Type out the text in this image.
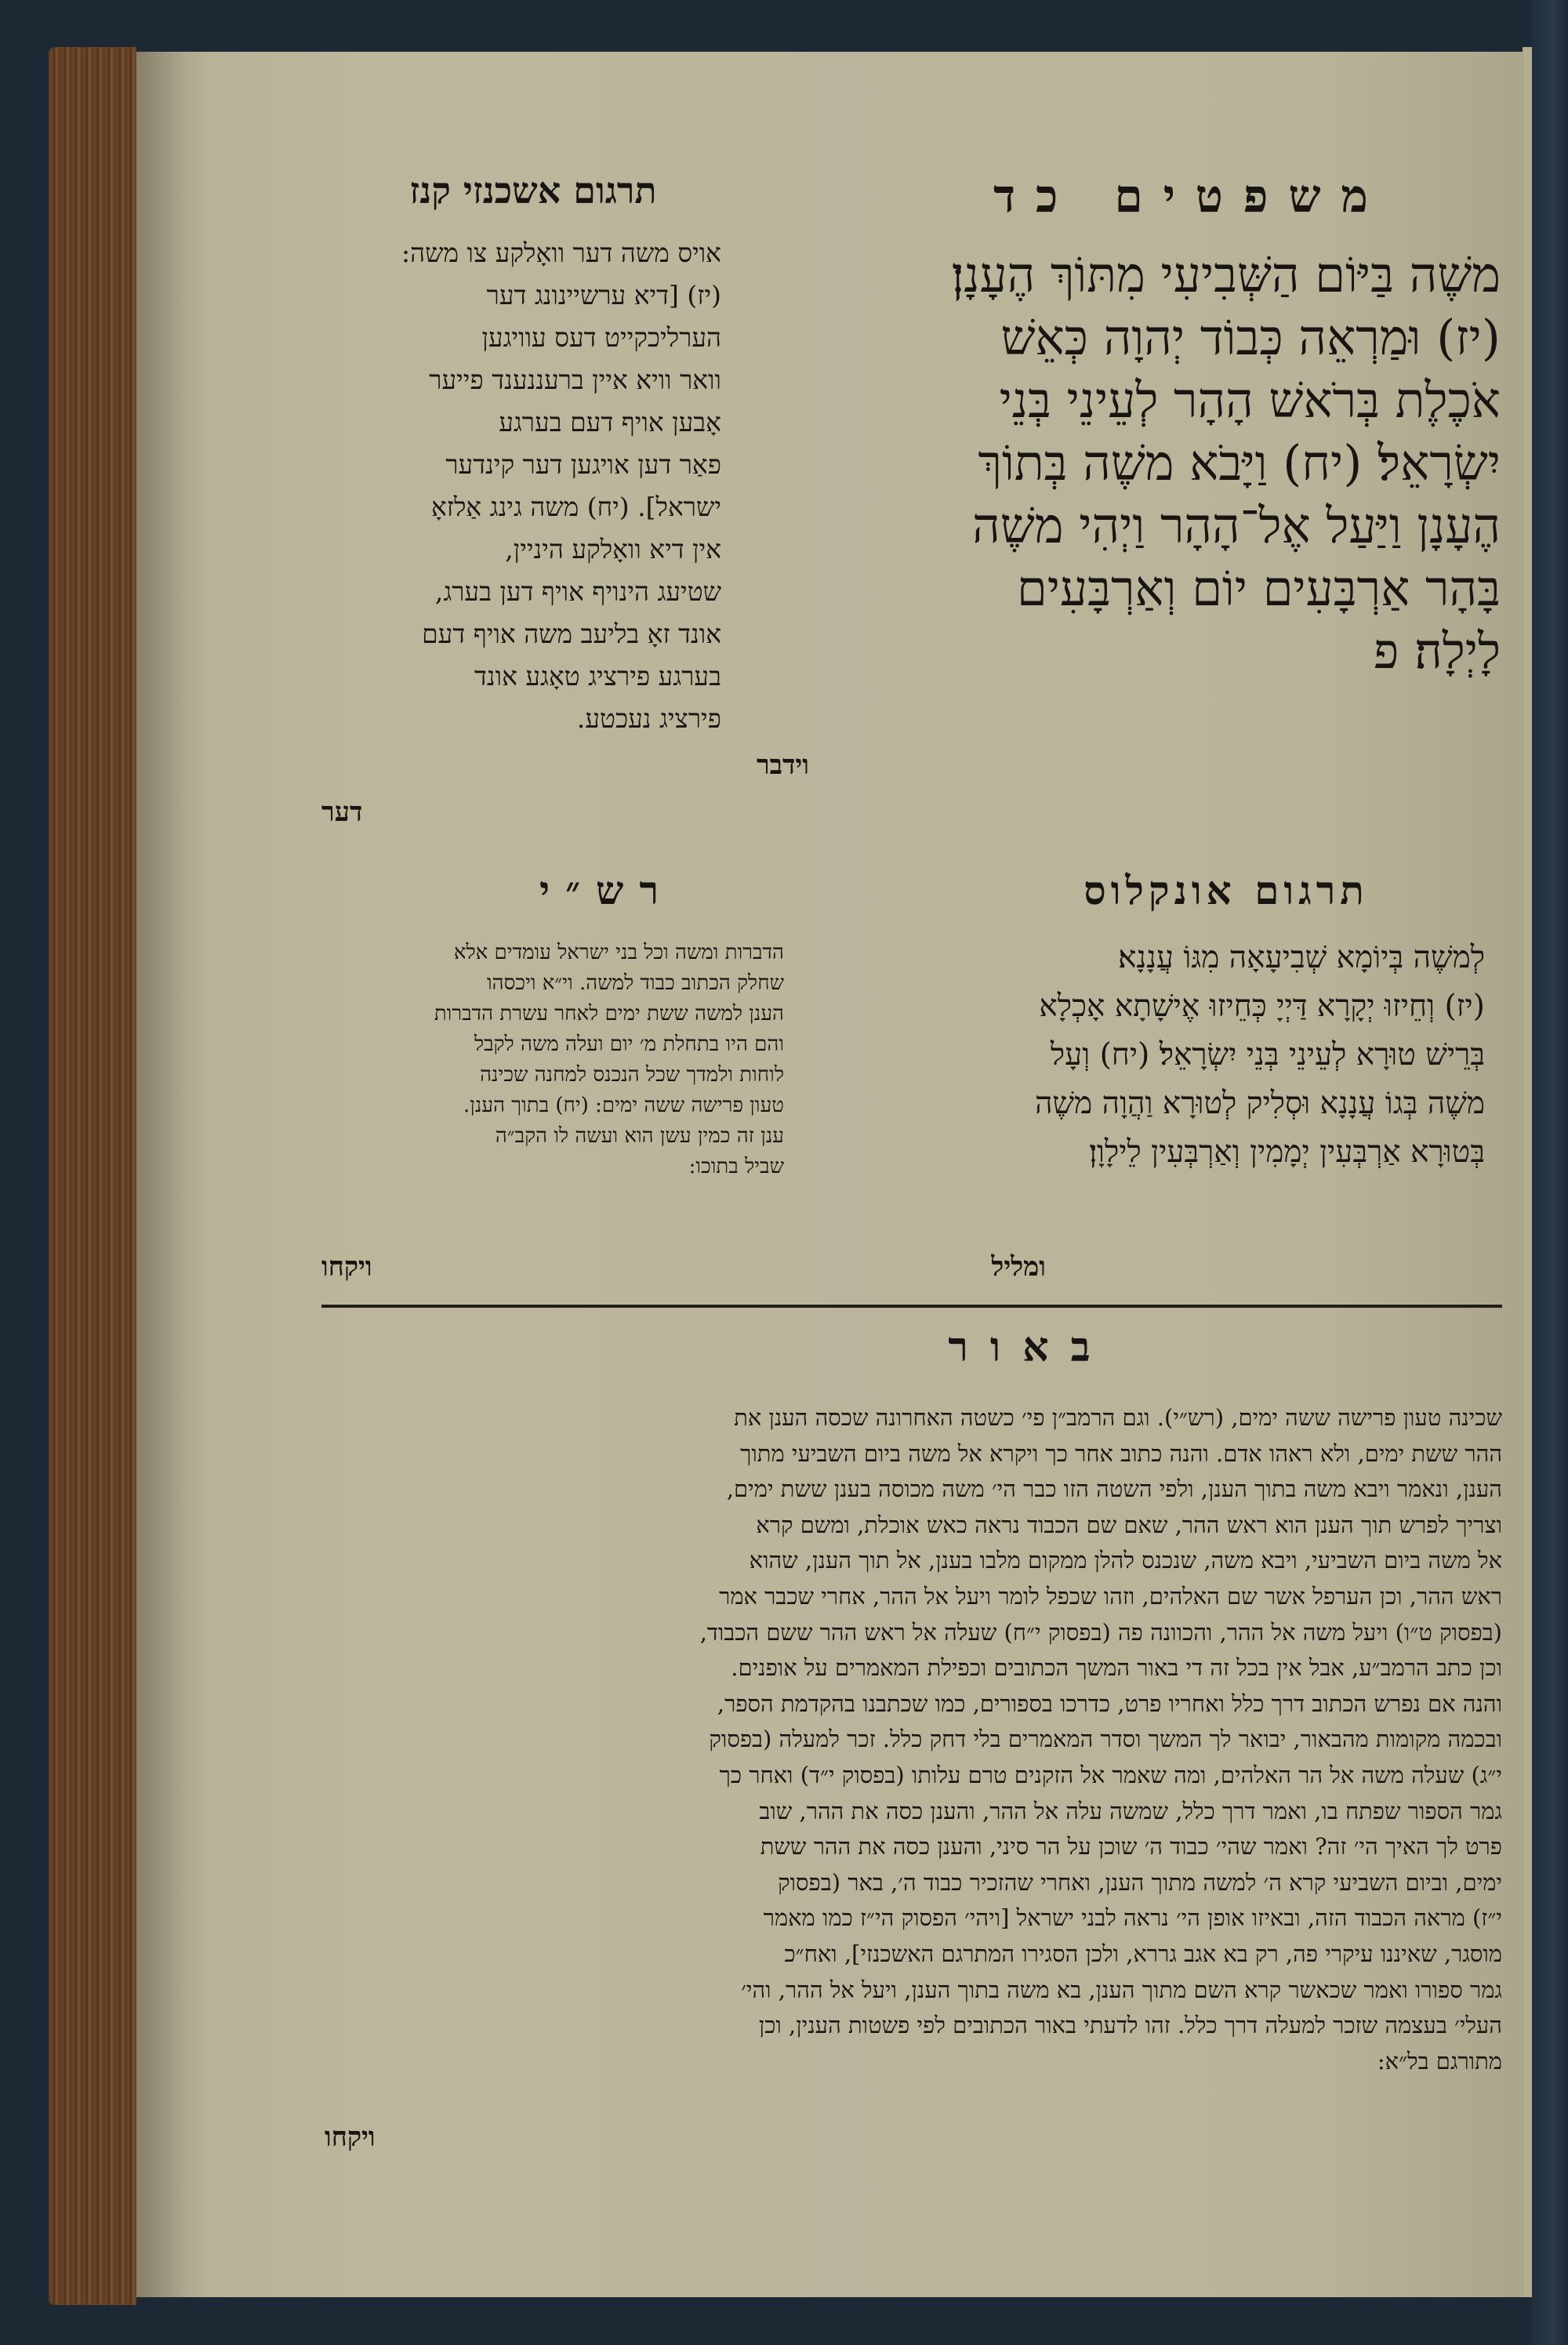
משפטים כד
משֶׁה בַּיּוֹם הַשְּׁבִיעִי מִתּוֹךְ הֶעָנָן׃
(יז) וּמַרְאֵה כְּבוֹד יְהוָה כְּאֵשׁ
אֹכֶלֶת בְּרֹאשׁ הָהָר לְעֵינֵי בְּנֵי
יִשְׂרָאֵל׃ (יח) וַיָּבֹא משֶׁה בְּתוֹךְ
הֶעָנָן וַיַּעַל אֶל־הָהָר וַיְהִי משֶׁה
בָּהָר אַרְבָּעִים יוֹם וְאַרְבָּעִים
לָיְלָה׃ פ
וידבר
תרגום אשכנזי קנז
אויס משה דער וואָלקע צו משה:
(יז) [דיא ערשיינונג דער
הערליכקייט דעס עוויגען
וואר וויא איין ברעננענד פייער
אָבען אויף דעם בערגע
פאַר דען אויגען דער קינדער
ישראל]. (יח) משה גינג אַלזאָ
אין דיא וואָלקע היניין,
שטיעג הינויף אויף דען בערג,
אונד זאָ בליעב משה אויף דעם
בערגע פירציג טאָגע אונד
פירציג נעכטע.
דער
תרגום אונקלוס
לְמשֶׁה בְּיוֹמָא שְׁבִיעָאָה מִגּוֹ עֲנָנָא׃
(יז) וְחֵיזוּ יְקָרָא דַּיְיָ כְּחֵיזוּ אֶישָׁתָא אָכְלָא
בְּרֵישׁ טוּרָא לְעֵינֵי בְּנֵי יִשְׂרָאֵל׃ (יח) וְעָל
משֶׁה בְּגוֹ עֲנָנָא וּסְלִיק לְטוּרָא וַהֲוָה משֶׁה
בְּטוּרָא אַרְבְּעִין יְמָמִין וְאַרְבְּעִין לֵילָוָן׃
ומליל
רש״י
הדברות ומשה וכל בני ישראל עומדים אלא
שחלק הכתוב כבוד למשה. וי״א ויכסהו
הענן למשה ששת ימים לאחר עשרת הדברות
והם היו בתחלת מ׳ יום ועלה משה לקבל
לוחות ולמדך שכל הנכנס למחנה שכינה
טעון פרישה ששה ימים: (יח) בתוך הענן.
ענן זה כמין עשן הוא ועשה לו הקב״ה
שביל בתוכו:
ויקחו
באור
שכינה טעון פרישה ששה ימים, (רש״י). וגם הרמב״ן פי׳ כשטה האחרונה שכסה הענן את
ההר ששת ימים, ולא ראהו אדם. והנה כתוב אחר כך ויקרא אל משה ביום השביעי מתוך
הענן, ונאמר ויבא משה בתוך הענן, ולפי השטה הזו כבר הי׳ משה מכוסה בענן ששת ימים,
וצריך לפרש תוך הענן הוא ראש ההר, שאם שם הכבוד נראה כאש אוכלת, ומשם קרא
אל משה ביום השביעי, ויבא משה, שנכנס להלן ממקום מלבו בענן, אל תוך הענן, שהוא
ראש ההר, וכן הערפל אשר שם האלהים, וזהו שכפל לומר ויעל אל ההר, אחרי שכבר אמר
(בפסוק ט״ו) ויעל משה אל ההר, והכוונה פה (בפסוק י״ח) שעלה אל ראש ההר ששם הכבוד,
וכן כתב הרמב״ע, אבל אין בכל זה די באור המשך הכתובים וכפילת המאמרים על אופנים.
והנה אם נפרש הכתוב דרך כלל ואחריו פרט, כדרכו בספורים, כמו שכתבנו בהקדמת הספר,
ובכמה מקומות מהבאור, יבואר לך המשך וסדר המאמרים בלי דחק כלל. זכר למעלה (בפסוק
י״ג) שעלה משה אל הר האלהים, ומה שאמר אל הזקנים טרם עלותו (בפסוק י״ד) ואחר כך
גמר הספור שפתח בו, ואמר דרך כלל, שמשה עלה אל ההר, והענן כסה את ההר, שוב
פרט לך האיך הי׳ זה? ואמר שהי׳ כבוד ה׳ שוכן על הר סיני, והענן כסה את ההר ששת
ימים, וביום השביעי קרא ה׳ למשה מתוך הענן, ואחרי שהזכיר כבוד ה׳, באר (בפסוק
י״ז) מראה הכבוד הזה, ובאיזו אופן הי׳ נראה לבני ישראל [ויהי׳ הפסוק הי״ז כמו מאמר
מוסגר, שאיננו עיקרי פה, רק בא אגב גררא, ולכן הסגירו המתרגם האשכנזי], ואח״כ
גמר ספורו ואמר שכאשר קרא השם מתוך הענן, בא משה בתוך הענן, ויעל אל ההר, והי׳
העלי׳ בעצמה שזכר למעלה דרך כלל. זהו לדעתי באור הכתובים לפי פשטות הענין, וכן
מתורגם בל״א:
ויקחו
